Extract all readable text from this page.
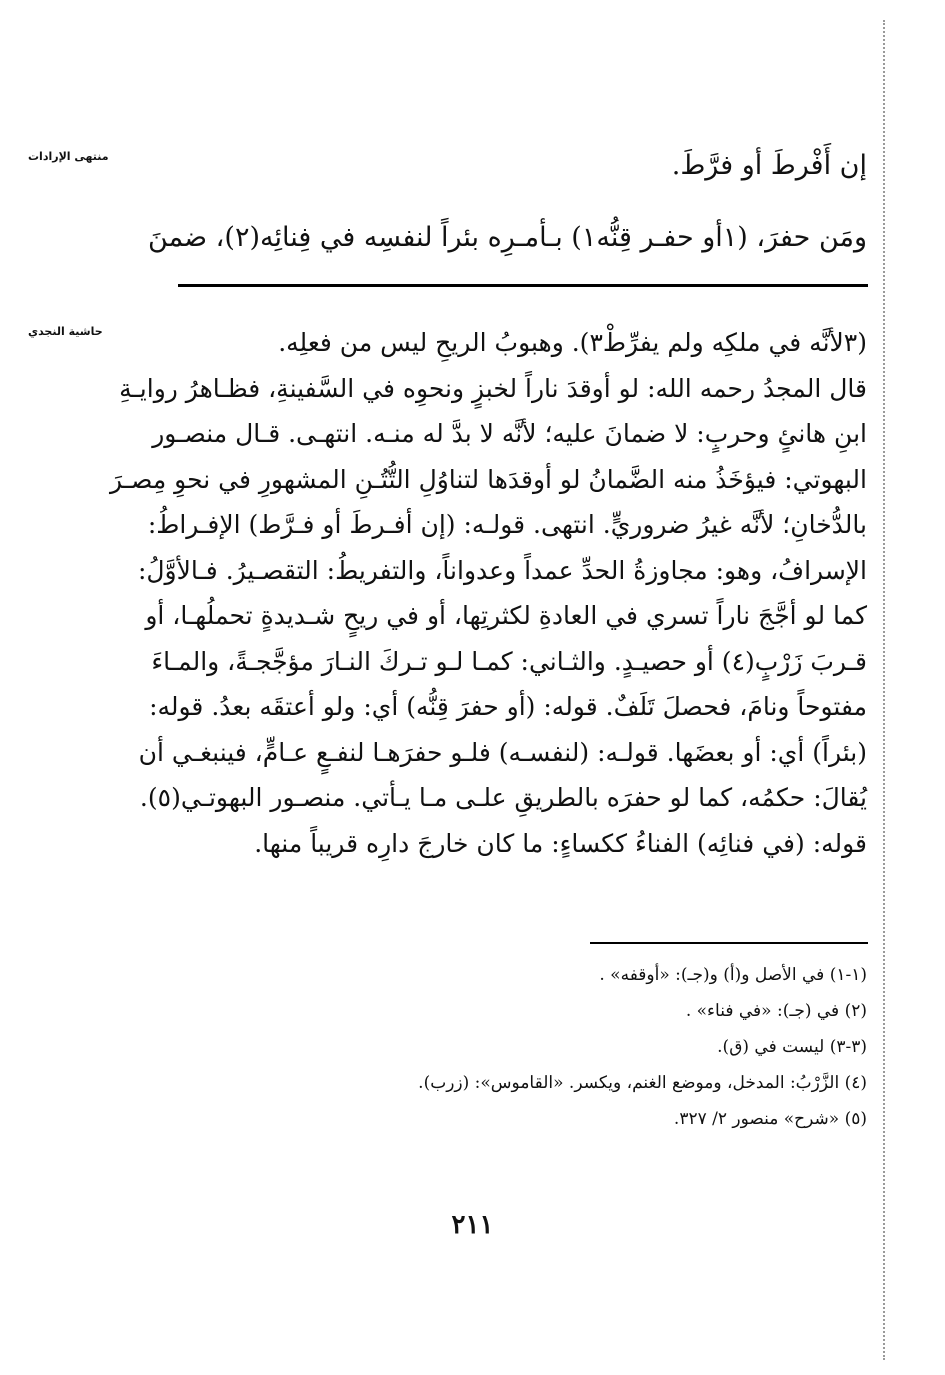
منتهى الإرادات
حاشية النجدي
إن أَفْرطَ أو فرَّطَ.
ومَن حفرَ، (١أو حفـر قِنُّه١) بـأمـرِه بئراً لنفسِه في فِنائِه(٢)، ضمنَ
(٣لأنَّه في ملكِه ولم يفرِّطْ٣). وهبوبُ الريحِ ليس من فعلِه.
قال المجدُ رحمه الله: لو أوقدَ ناراً لخبزٍ ونحوِه في السَّفينةِ، فظـاهرُ روايـةِ
ابنِ هانئٍ وحربٍ: لا ضمانَ عليه؛ لأنَّه لا بدَّ له منـه. انتهـى. قـال منصـور
البهوتي: فيؤخَذُ منه الضَّمانُ لو أوقدَها لتناوُلِ التُّتُـنِ المشهورِ في نحوِ مِصـرَ
بالدُّخانِ؛ لأنَّه غيرُ ضروريٍّ. انتهى. قولـه: (إن أفـرطَ أو فـرَّط) الإفـراطُ:
الإسرافُ، وهو: مجاوزةُ الحدِّ عمداً وعدواناً، والتفريطُ: التقصـيرُ. فـالأوَّلُ:
كما لو أجَّجَ ناراً تسري في العادةِ لكثرتِها، أو في ريحٍ شـديدةٍ تحملُهـا، أو
قـربَ زَرْبٍ(٤) أو حصيـدٍ. والثـاني: كمـا لـو تـركَ النـارَ مؤجَّجـةً، والمـاءَ
مفتوحاً ونامَ، فحصلَ تَلَفٌ. قوله: (أو حفرَ قِنُّه) أي: ولو أعتقَه بعدُ. قوله:
(بئراً) أي: أو بعضَها. قولـه: (لنفسـه) فلـو حفرَهـا لنفـعٍ عـامٍّ، فينبغـي أن
يُقالَ: حكمُه، كما لو حفرَه بالطريقِ علـى مـا يـأتي. منصـور البهوتـي(٥).
قوله: (في فنائِه) الفناءُ ككساءٍ: ما كان خارجَ دارِه قريباً منها.
(١-١) في الأصل و(أ) و(جـ): «أوقفه» .
(٢) في (جـ): «في فناء» .
(٣-٣) ليست في (ق).
(٤) الزَّرْبُ: المدخل، وموضع الغنم، ويكسر. «القاموس»: (زرب).
(٥) «شرح» منصور ٢/ ٣٢٧.
٢١١
